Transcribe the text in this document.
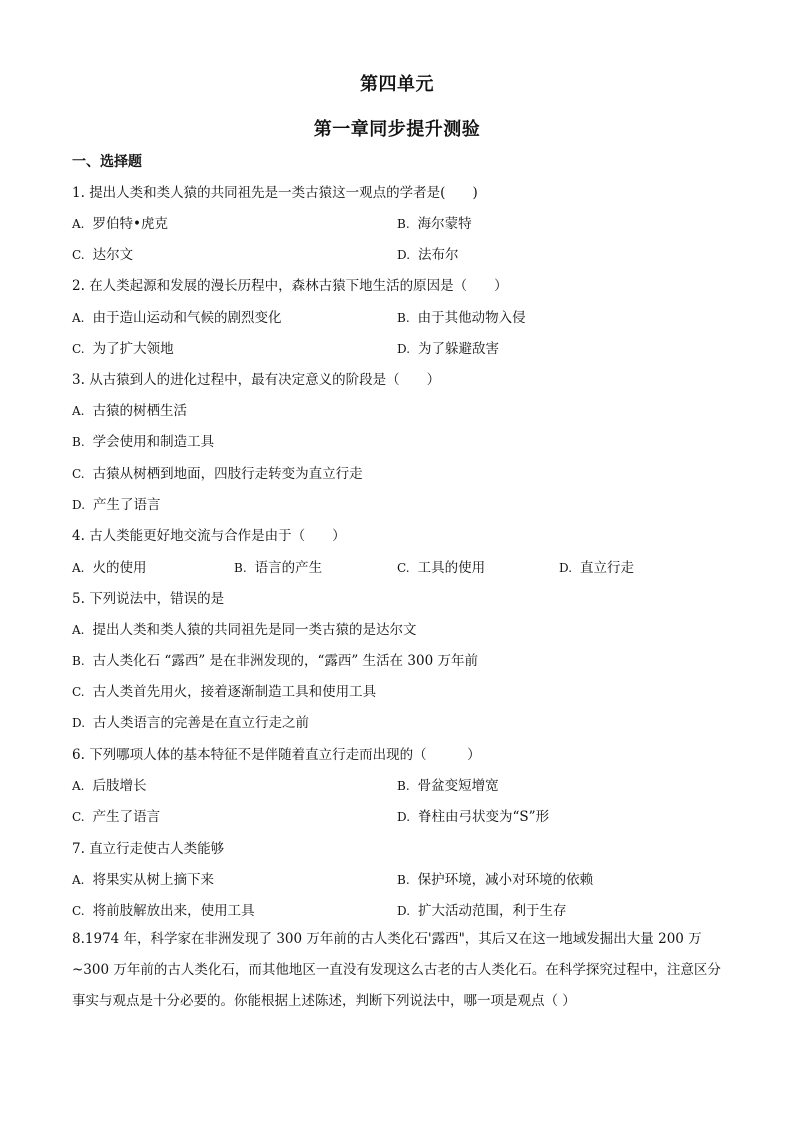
第四单元
第一章同步提升测验
一、选择题
1. 提出人类和类人猿的共同祖先是一类古猿这一观点的学者是(　　)
A. 罗伯特•虎克	B. 海尔蒙特
C. 达尔文	D. 法布尔
2. 在人类起源和发展的漫长历程中，森林古猿下地生活的原因是（　　）
A. 由于造山运动和气候的剧烈变化	B. 由于其他动物入侵
C. 为了扩大领地	D. 为了躲避敌害
3. 从古猿到人的进化过程中，最有决定意义的阶段是（　　）
A. 古猿的树栖生活
B. 学会使用和制造工具
C. 古猿从树栖到地面，四肢行走转变为直立行走
D. 产生了语言
4. 古人类能更好地交流与合作是由于（　　）
A. 火的使用	B. 语言的产生	C. 工具的使用	D. 直立行走
5. 下列说法中，错误的是
A. 提出人类和类人猿的共同祖先是同一类古猿的是达尔文
B. 古人类化石 “露西” 是在非洲发现的，“露西” 生活在 300 万年前
C. 古人类首先用火，接着逐渐制造工具和使用工具
D. 古人类语言的完善是在直立行走之前
6. 下列哪项人体的基本特征不是伴随着直立行走而出现的（　　　）
A. 后肢增长	B. 骨盆变短增宽
C. 产生了语言	D. 脊柱由弓状变为“S”形
7. 直立行走使古人类能够
A. 将果实从树上摘下来	B. 保护环境，减小对环境的依赖
C. 将前肢解放出来，使用工具	D. 扩大活动范围，利于生存
8.1974 年，科学家在非洲发现了 300 万年前的古人类化石'露西"，其后又在这一地域发掘出大量 200 万~300 万年前的古人类化石，而其他地区一直没有发现这么古老的古人类化石。在科学探究过程中，注意区分事实与观点是十分必要的。你能根据上述陈述，判断下列说法中，哪一项是观点（ ）
